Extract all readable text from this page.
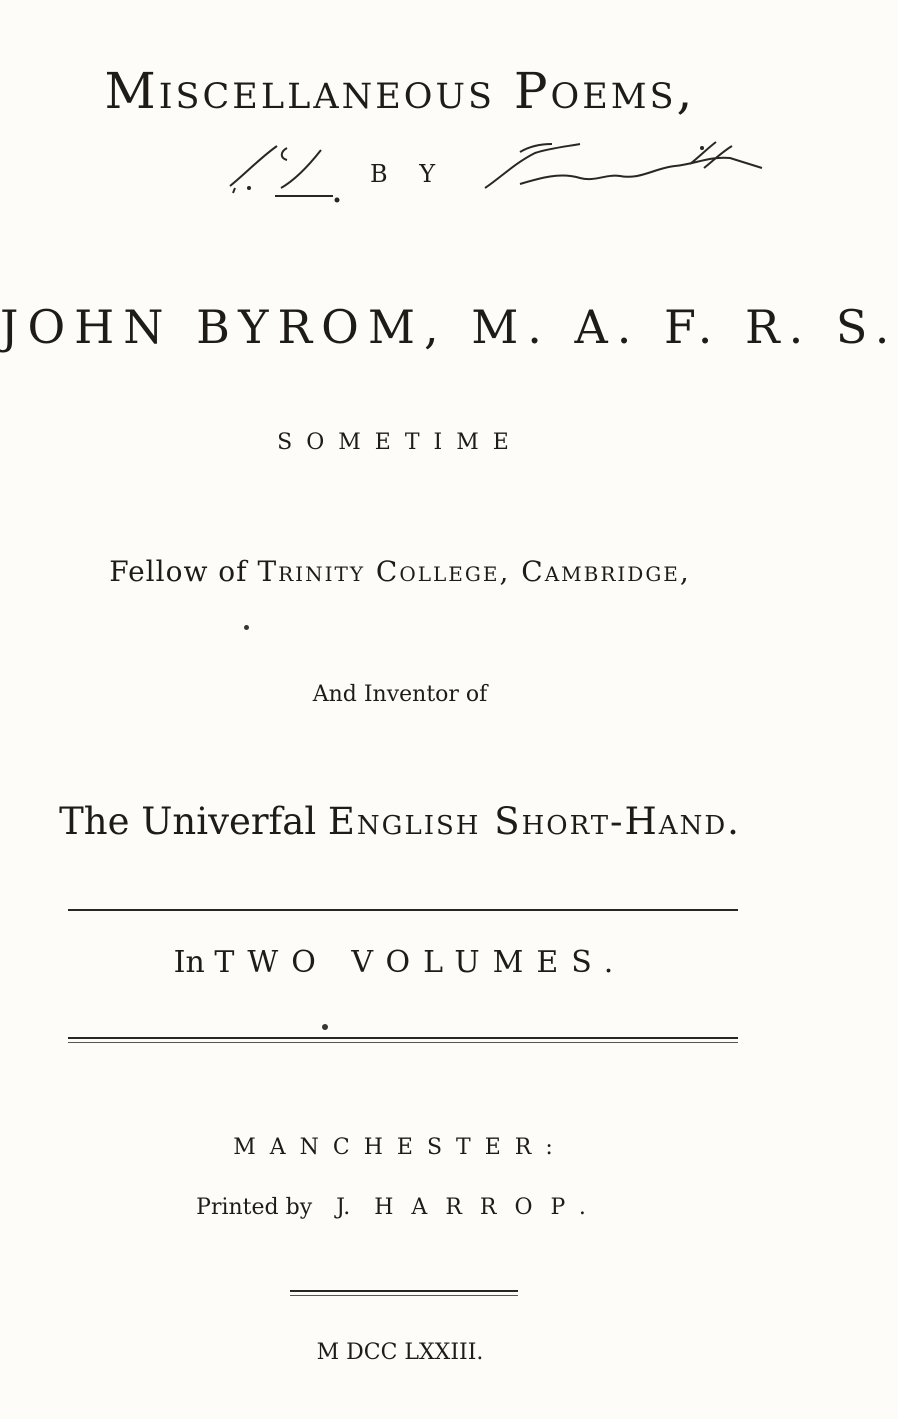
Miscellaneous Poems,
B Y
JOHN BYROM, M. A. F. R. S.
SOMETIME
Fellow of Trinity College, Cambridge,
And Inventor of
The Univerfal English Short-Hand.
In TWO VOLUMES.
MANCHESTER:
Printed by J. HARROP.
M DCC LXXIII.
